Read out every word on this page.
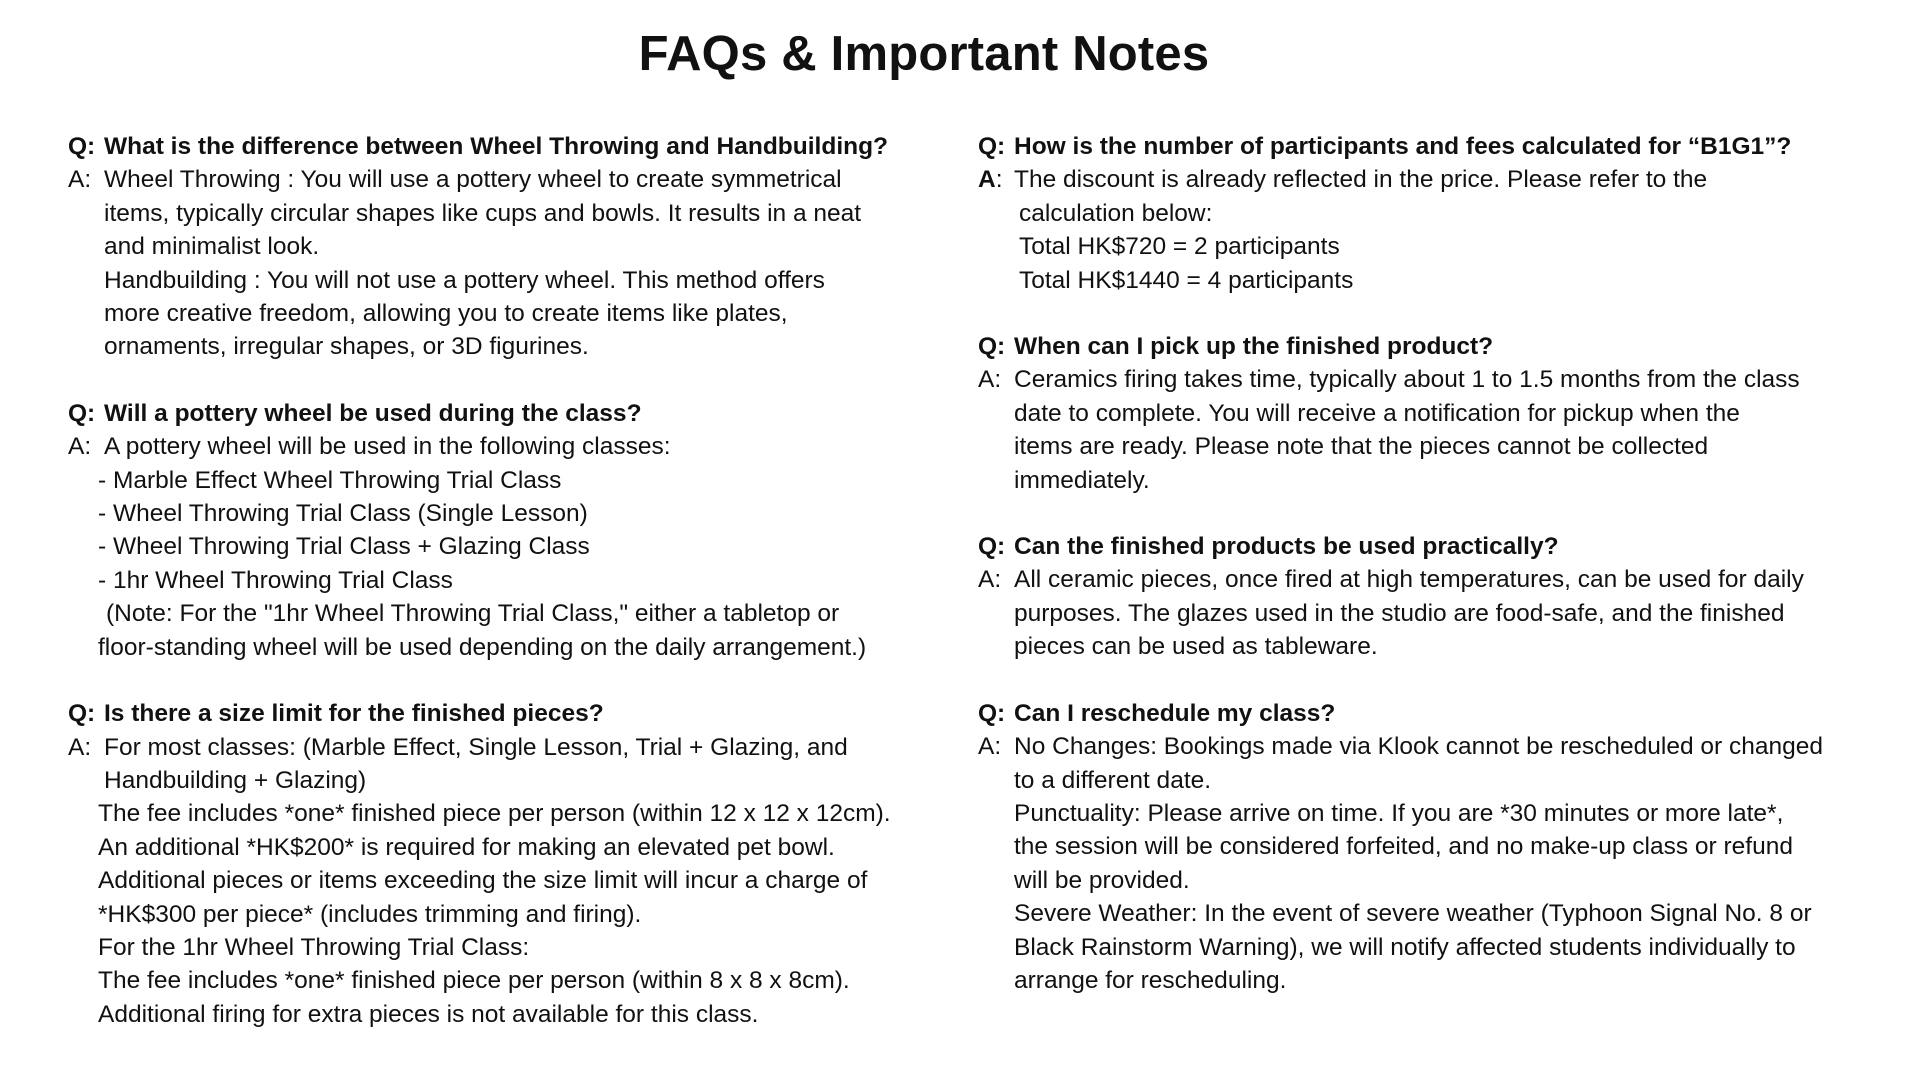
FAQs & Important Notes
Q: What is the difference between Wheel Throwing and Handbuilding?
A: Wheel Throwing : You will use a pottery wheel to create symmetrical
items, typically circular shapes like cups and bowls. It results in a neat
and minimalist look.
Handbuilding : You will not use a pottery wheel. This method offers
more creative freedom, allowing you to create items like plates,
ornaments, irregular shapes, or 3D figurines.
Q: Will a pottery wheel be used during the class?
A: A pottery wheel will be used in the following classes:
- Marble Effect Wheel Throwing Trial Class
- Wheel Throwing Trial Class (Single Lesson)
- Wheel Throwing Trial Class + Glazing Class
- 1hr Wheel Throwing Trial Class
(Note: For the "1hr Wheel Throwing Trial Class," either a tabletop or
floor-standing wheel will be used depending on the daily arrangement.)
Q: Is there a size limit for the finished pieces?
A: For most classes: (Marble Effect, Single Lesson, Trial + Glazing, and
Handbuilding + Glazing)
The fee includes *one* finished piece per person (within 12 x 12 x 12cm).
An additional *HK$200* is required for making an elevated pet bowl.
Additional pieces or items exceeding the size limit will incur a charge of
*HK$300 per piece* (includes trimming and firing).
For the 1hr Wheel Throwing Trial Class:
The fee includes *one* finished piece per person (within 8 x 8 x 8cm).
Additional firing for extra pieces is not available for this class.
Q: How is the number of participants and fees calculated for “B1G1”?
A: The discount is already reflected in the price. Please refer to the
calculation below:
Total HK$720 = 2 participants
Total HK$1440 = 4 participants
Q: When can I pick up the finished product?
A: Ceramics firing takes time, typically about 1 to 1.5 months from the class
date to complete. You will receive a notification for pickup when the
items are ready. Please note that the pieces cannot be collected
immediately.
Q: Can the finished products be used practically?
A: All ceramic pieces, once fired at high temperatures, can be used for daily
purposes. The glazes used in the studio are food-safe, and the finished
pieces can be used as tableware.
Q: Can I reschedule my class?
A: No Changes: Bookings made via Klook cannot be rescheduled or changed
to a different date.
Punctuality: Please arrive on time. If you are *30 minutes or more late*,
the session will be considered forfeited, and no make-up class or refund
will be provided.
Severe Weather: In the event of severe weather (Typhoon Signal No. 8 or
Black Rainstorm Warning), we will notify affected students individually to
arrange for rescheduling.
